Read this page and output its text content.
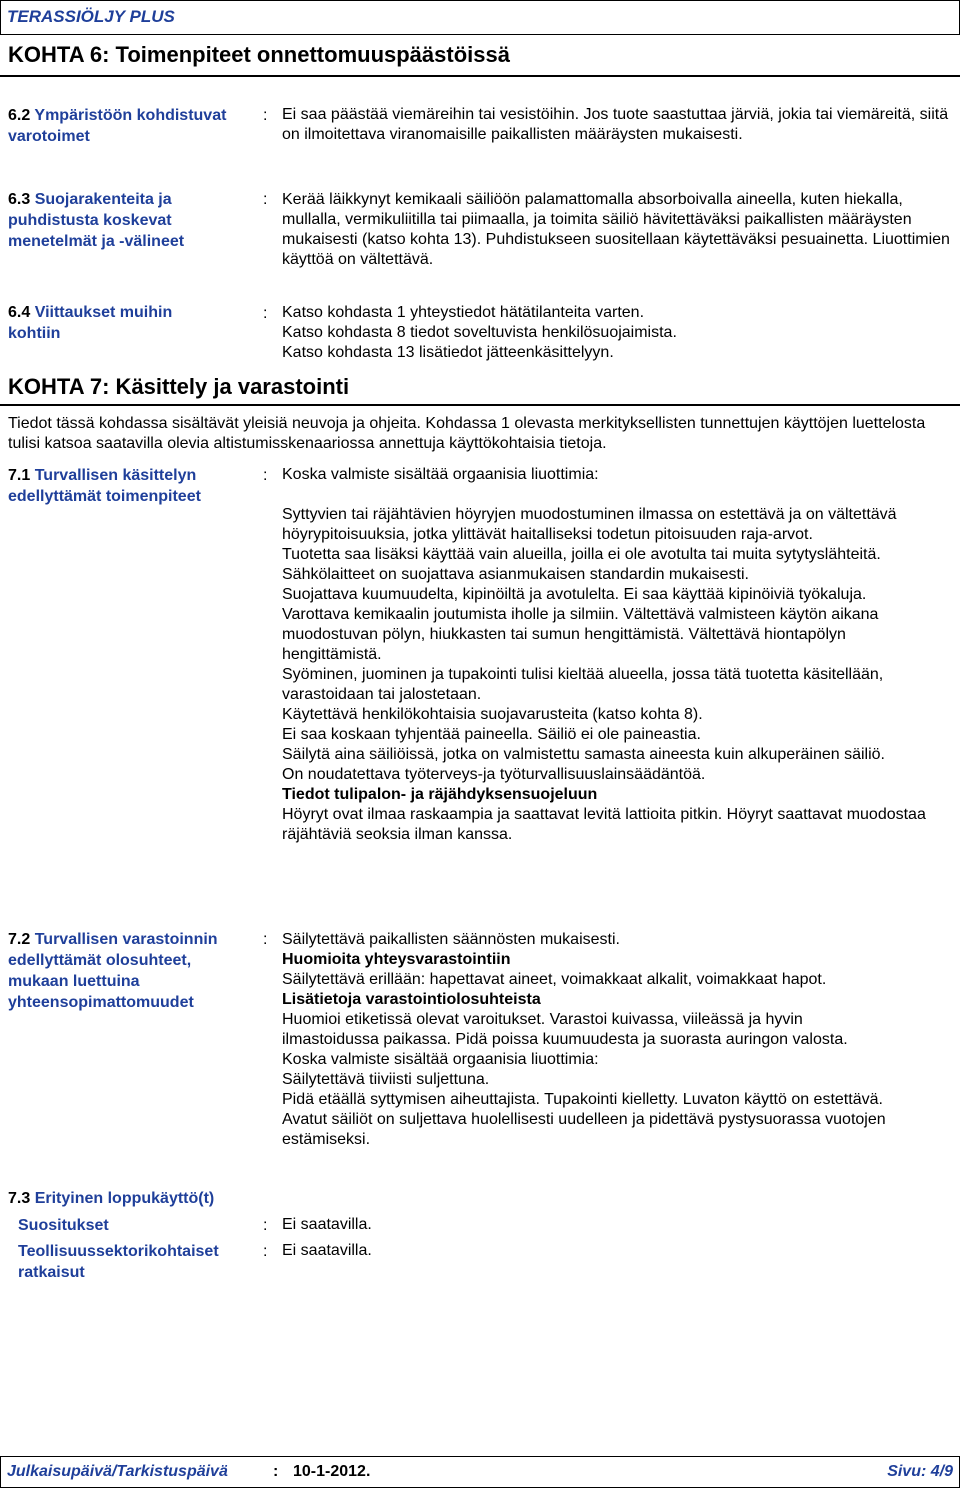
TERASSIÖLJY PLUS
KOHTA 6: Toimenpiteet onnettomuuspäästöissä
6.2 Ympäristöön kohdistuvat varotoimet
: Ei saa päästää viemäreihin tai vesistöihin. Jos tuote saastuttaa järviä, jokia tai viemäreitä, siitä on ilmoitettava viranomaisille paikallisten määräysten mukaisesti.

6.3 Suojarakenteita ja puhdistusta koskevat menetelmät ja -välineet
: Kerää läikkynyt kemikaali säiliöön palamattomalla absorboivalla aineella, kuten hiekalla, mullalla, vermikuliitilla tai piimaalla, ja toimita säiliö hävitettäväksi paikallisten määräysten mukaisesti (katso kohta 13). Puhdistukseen suositellaan käytettäväksi pesuainetta. Liuottimien käyttöä on vältettävä.

6.4 Viittaukset muihin kohtiin
: Katso kohdasta 1 yhteystiedot hätätilanteita varten.

Katso kohdasta 8 tiedot soveltuvista henkilösuojaimista.

Katso kohdasta 13 lisätiedot jätteenkäsittelyyn.

KOHTA 7: Käsittely ja varastointi
Tiedot tässä kohdassa sisältävät yleisiä neuvoja ja ohjeita. Kohdassa 1 olevasta merkityksellisten tunnettujen käyttöjen luettelosta tulisi katsoa saatavilla olevia altistumisskenaariossa annettuja käyttökohtaisia tietoja.
7.1 Turvallisen käsittelyn edellyttämät toimenpiteet
: Koska valmiste sisältää orgaanisia liuottimia:

Syttyvien tai räjähtävien höyryjen muodostuminen ilmassa on estettävä ja on vältettävä höyrypitoisuuksia, jotka ylittävät haitalliseksi todetun pitoisuuden raja-arvot.

Tuotetta saa lisäksi käyttää vain alueilla, joilla ei ole avotulta tai muita sytytyslähteitä. Sähkölaitteet on suojattava asianmukaisen standardin mukaisesti.

Suojattava kuumuudelta, kipinöiltä ja avotulelta. Ei saa käyttää kipinöiviä työkaluja.

Varottava kemikaalin joutumista iholle ja silmiin. Vältettävä valmisteen käytön aikana muodostuvan pölyn, hiukkasten tai sumun hengittämistä. Vältettävä hiontapölyn hengittämistä.

Syöminen, juominen ja tupakointi tulisi kieltää alueella, jossa tätä tuotetta käsitellään, varastoidaan tai jalostetaan.

Käytettävä henkilökohtaisia suojavarusteita (katso kohta 8).

Ei saa koskaan tyhjentää paineella. Säiliö ei ole paineastia.

Säilytä aina säiliöissä, jotka on valmistettu samasta aineesta kuin alkuperäinen säiliö.

On noudatettava työterveys-ja työturvallisuuslainsäädäntöä.

Tiedot tulipalon- ja räjähdyksensuojeluun

Höyryt ovat ilmaa raskaampia ja saattavat levitä lattioita pitkin. Höyryt saattavat muodostaa räjähtäviä seoksia ilman kanssa.

7.2 Turvallisen varastoinnin edellyttämät olosuhteet, mukaan luettuina yhteensopimattomuudet
: Säilytettävä paikallisten säännösten mukaisesti.

Huomioita yhteysvarastointiin

Säilytettävä erillään: hapettavat aineet, voimakkaat alkalit, voimakkaat hapot.

Lisätietoja varastointiolosuhteista

Huomioi etiketissä olevat varoitukset. Varastoi kuivassa, viileässä ja hyvin ilmastoidussa paikassa. Pidä poissa kuumuudesta ja suorasta auringon valosta.

Koska valmiste sisältää orgaanisia liuottimia:

Säilytettävä tiiviisti suljettuna.

Pidä etäällä syttymisen aiheuttajista. Tupakointi kielletty. Luvaton käyttö on estettävä. Avatut säiliöt on suljettava huolellisesti uudelleen ja pidettävä pystysuorassa vuotojen estämiseksi.

7.3 Erityinen loppukäyttö(t)
Suositukset	: Ei saatavilla.
Teollisuussektorikohtaiset ratkaisut
: Ei saatavilla.
Julkaisupäivä/Tarkistuspäivä	: 10-1-2012.	Sivu: 4/9
